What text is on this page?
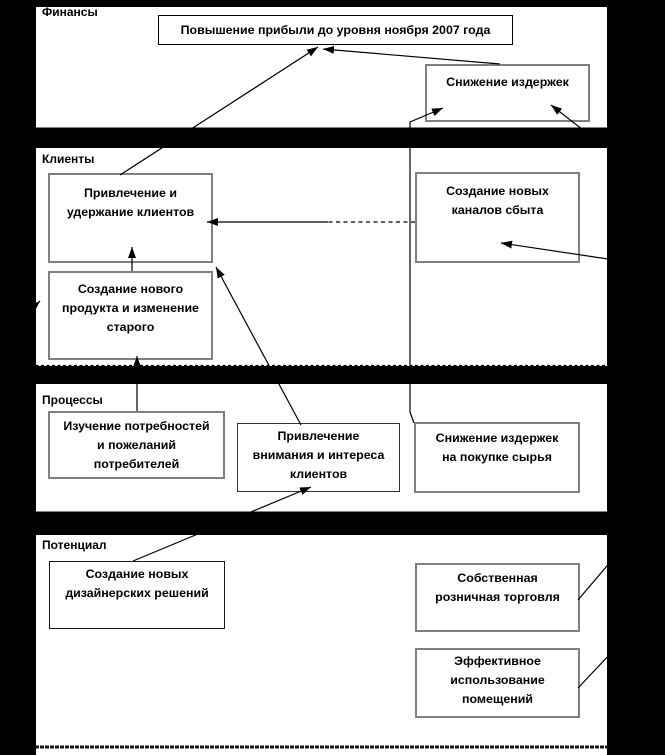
Финансы
Клиенты
Процессы
Потенциал
Повышение прибыли до уровня ноября 2007 года
Снижение издержек
Привлечение и
удержание клиентов
Создание нового
продукта и изменение
старого
Создание новых
каналов сбыта
Изучение потребностей
и пожеланий
потребителей
Привлечение
внимания и интереса
клиентов
Снижение издержек
на покупке сырья
Создание новых
дизайнерских решений
Собственная
розничная торговля
Эффективное
использование
помещений
